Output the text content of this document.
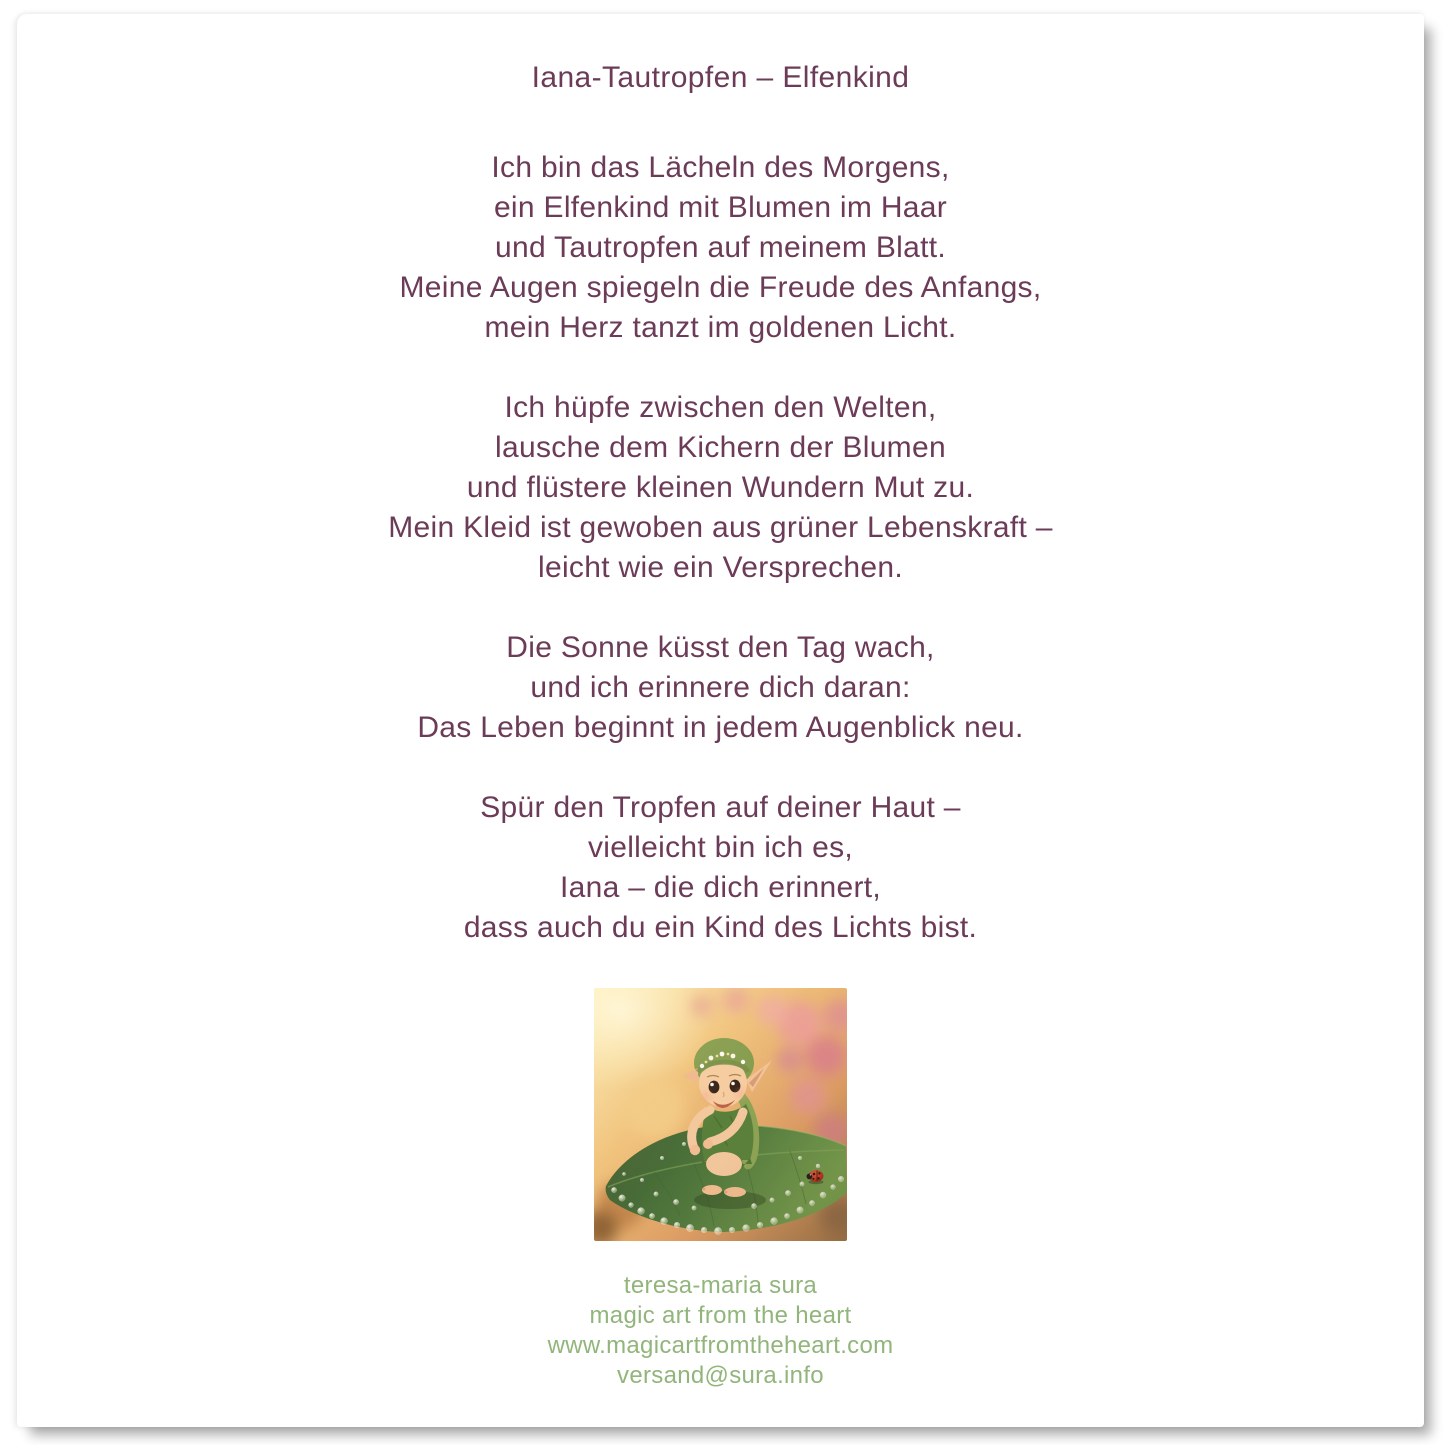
Iana-Tautropfen – Elfenkind
Ich bin das Lächeln des Morgens,
ein Elfenkind mit Blumen im Haar
und Tautropfen auf meinem Blatt.
Meine Augen spiegeln die Freude des Anfangs,
mein Herz tanzt im goldenen Licht.
Ich hüpfe zwischen den Welten,
lausche dem Kichern der Blumen
und flüstere kleinen Wundern Mut zu.
Mein Kleid ist gewoben aus grüner Lebenskraft –
leicht wie ein Versprechen.
Die Sonne küsst den Tag wach,
und ich erinnere dich daran:
Das Leben beginnt in jedem Augenblick neu.
Spür den Tropfen auf deiner Haut –
vielleicht bin ich es,
Iana – die dich erinnert,
dass auch du ein Kind des Lichts bist.
teresa-maria sura
magic art from the heart
www.magicartfromtheheart.com
versand@sura.info
